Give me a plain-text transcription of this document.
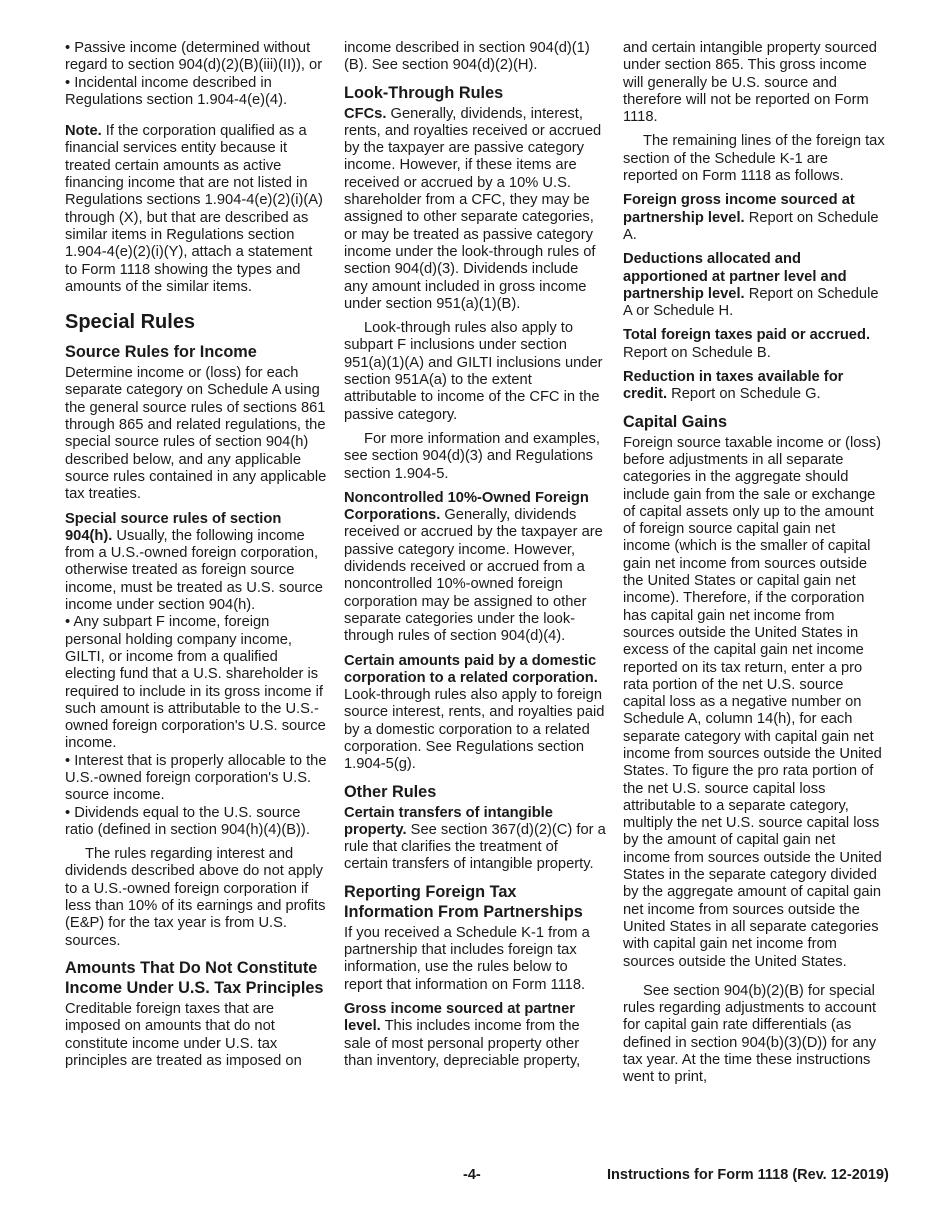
• Passive income (determined without regard to section 904(d)(2)(B)(iii)(II)), or

• Incidental income described in Regulations section 1.904-4(e)(4).

Note. If the corporation qualified as a financial services entity because it treated certain amounts as active financing income that are not listed in Regulations sections 1.904-4(e)(2)(i)(A) through (X), but that are described as similar items in Regulations section 1.904-4(e)(2)(i)(Y), attach a statement to Form 1118 showing the types and amounts of the similar items.

Special Rules
Source Rules for Income

Determine income or (loss) for each separate category on Schedule A using the general source rules of sections 861 through 865 and related regulations, the special source rules of section 904(h) described below, and any applicable source rules contained in any applicable tax treaties.

Special source rules of section 904(h). Usually, the following income from a U.S.-owned foreign corporation, otherwise treated as foreign source income, must be treated as U.S. source income under section 904(h).

• Any subpart F income, foreign personal holding company income, GILTI, or income from a qualified electing fund that a U.S. shareholder is required to include in its gross income if such amount is attributable to the U.S.-owned foreign corporation's U.S. source income.

• Interest that is properly allocable to the U.S.-owned foreign corporation's U.S. source income.

• Dividends equal to the U.S. source ratio (defined in section 904(h)(4)(B)).

The rules regarding interest and dividends described above do not apply to a U.S.-owned foreign corporation if less than 10% of its earnings and profits (E&P) for the tax year is from U.S. sources.

Amounts That Do Not Constitute Income Under U.S. Tax Principles

Creditable foreign taxes that are imposed on amounts that do not constitute income under U.S. tax principles are treated as imposed on

income described in section 904(d)(1)(B). See section 904(d)(2)(H).

Look-Through Rules

CFCs. Generally, dividends, interest, rents, and royalties received or accrued by the taxpayer are passive category income. However, if these items are received or accrued by a 10% U.S. shareholder from a CFC, they may be assigned to other separate categories, or may be treated as passive category income under the look-through rules of section 904(d)(3). Dividends include any amount included in gross income under section 951(a)(1)(B).

Look-through rules also apply to subpart F inclusions under section 951(a)(1)(A) and GILTI inclusions under section 951A(a) to the extent attributable to income of the CFC in the passive category.

For more information and examples, see section 904(d)(3) and Regulations section 1.904-5.

Noncontrolled 10%-Owned Foreign Corporations. Generally, dividends received or accrued by the taxpayer are passive category income. However, dividends received or accrued from a noncontrolled 10%-owned foreign corporation may be assigned to other separate categories under the look-through rules of section 904(d)(4).

Certain amounts paid by a domestic corporation to a related corporation. Look-through rules also apply to foreign source interest, rents, and royalties paid by a domestic corporation to a related corporation. See Regulations section 1.904-5(g).

Other Rules

Certain transfers of intangible property. See section 367(d)(2)(C) for a rule that clarifies the treatment of certain transfers of intangible property.

Reporting Foreign Tax Information From Partnerships

If you received a Schedule K-1 from a partnership that includes foreign tax information, use the rules below to report that information on Form 1118.

Gross income sourced at partner level. This includes income from the sale of most personal property other than inventory, depreciable property,

and certain intangible property sourced under section 865. This gross income will generally be U.S. source and therefore will not be reported on Form 1118.

The remaining lines of the foreign tax section of the Schedule K-1 are reported on Form 1118 as follows.

Foreign gross income sourced at partnership level. Report on Schedule A.

Deductions allocated and apportioned at partner level and partnership level. Report on Schedule A or Schedule H.

Total foreign taxes paid or accrued. Report on Schedule B.

Reduction in taxes available for credit. Report on Schedule G.

Capital Gains

Foreign source taxable income or (loss) before adjustments in all separate categories in the aggregate should include gain from the sale or exchange of capital assets only up to the amount of foreign source capital gain net income (which is the smaller of capital gain net income from sources outside the United States or capital gain net income). Therefore, if the corporation has capital gain net income from sources outside the United States in excess of the capital gain net income reported on its tax return, enter a pro rata portion of the net U.S. source capital loss as a negative number on Schedule A, column 14(h), for each separate category with capital gain net income from sources outside the United States. To figure the pro rata portion of the net U.S. source capital loss attributable to a separate category, multiply the net U.S. source capital loss by the amount of capital gain net income from sources outside the United States in the separate category divided by the aggregate amount of capital gain net income from sources outside the United States in all separate categories with capital gain net income from sources outside the United States.

See section 904(b)(2)(B) for special rules regarding adjustments to account for capital gain rate differentials (as defined in section 904(b)(3)(D)) for any tax year. At the time these instructions went to print,

-4-	Instructions for Form 1118 (Rev. 12-2019)
